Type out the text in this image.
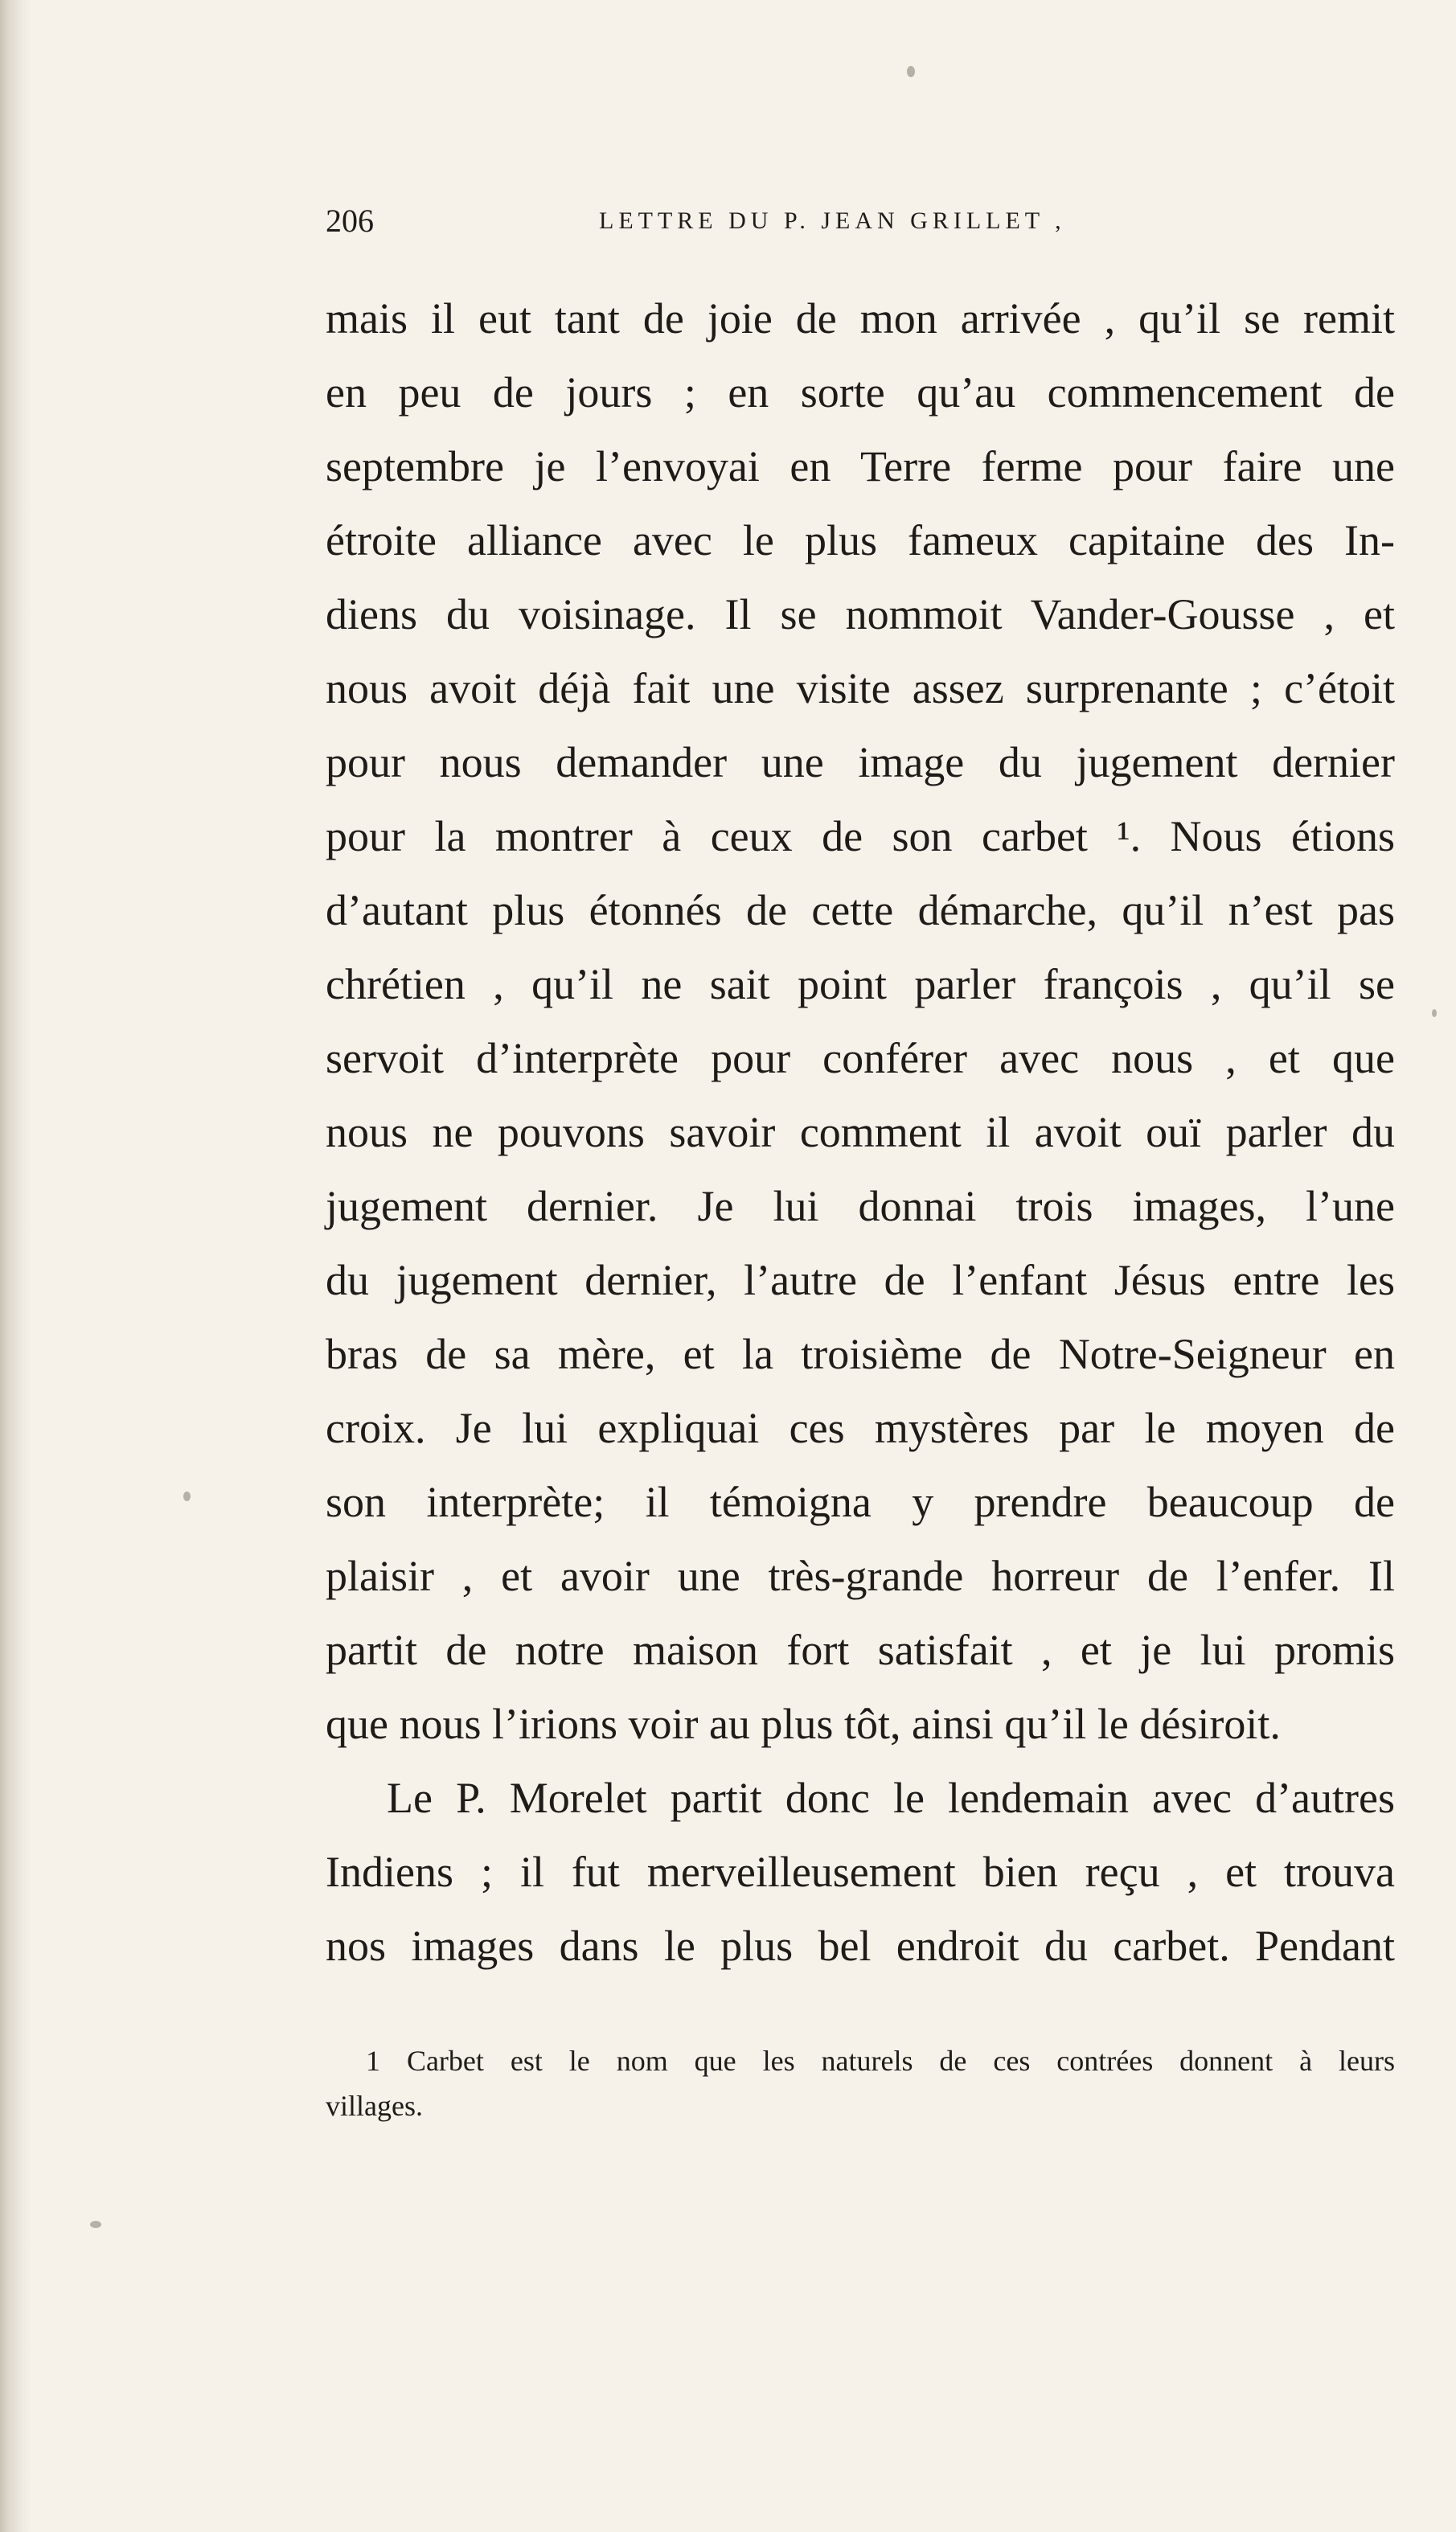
206	LETTRE DU P. JEAN GRILLET ,
mais il eut tant de joie de mon arrivée , qu’il se remit
en peu de jours ; en sorte qu’au commencement de
septembre je l’envoyai en Terre ferme pour faire une
étroite alliance avec le plus fameux capitaine des In-
diens du voisinage. Il se nommoit Vander-Gousse , et
nous avoit déjà fait une visite assez surprenante ; c’étoit
pour nous demander une image du jugement dernier
pour la montrer à ceux de son carbet ¹. Nous étions
d’autant plus étonnés de cette démarche, qu’il n’est pas
chrétien , qu’il ne sait point parler françois , qu’il se
servoit d’interprète pour conférer avec nous , et que
nous ne pouvons savoir comment il avoit ouï parler du
jugement dernier. Je lui donnai trois images, l’une
du jugement dernier, l’autre de l’enfant Jésus entre les
bras de sa mère, et la troisième de Notre-Seigneur en
croix. Je lui expliquai ces mystères par le moyen de
son interprète; il témoigna y prendre beaucoup de
plaisir , et avoir une très-grande horreur de l’enfer. Il
partit de notre maison fort satisfait , et je lui promis
que nous l’irions voir au plus tôt, ainsi qu’il le désiroit.
Le P. Morelet partit donc le lendemain avec d’autres
Indiens ; il fut merveilleusement bien reçu , et trouva
nos images dans le plus bel endroit du carbet. Pendant
1 Carbet est le nom que les naturels de ces contrées donnent à leurs
villages.
